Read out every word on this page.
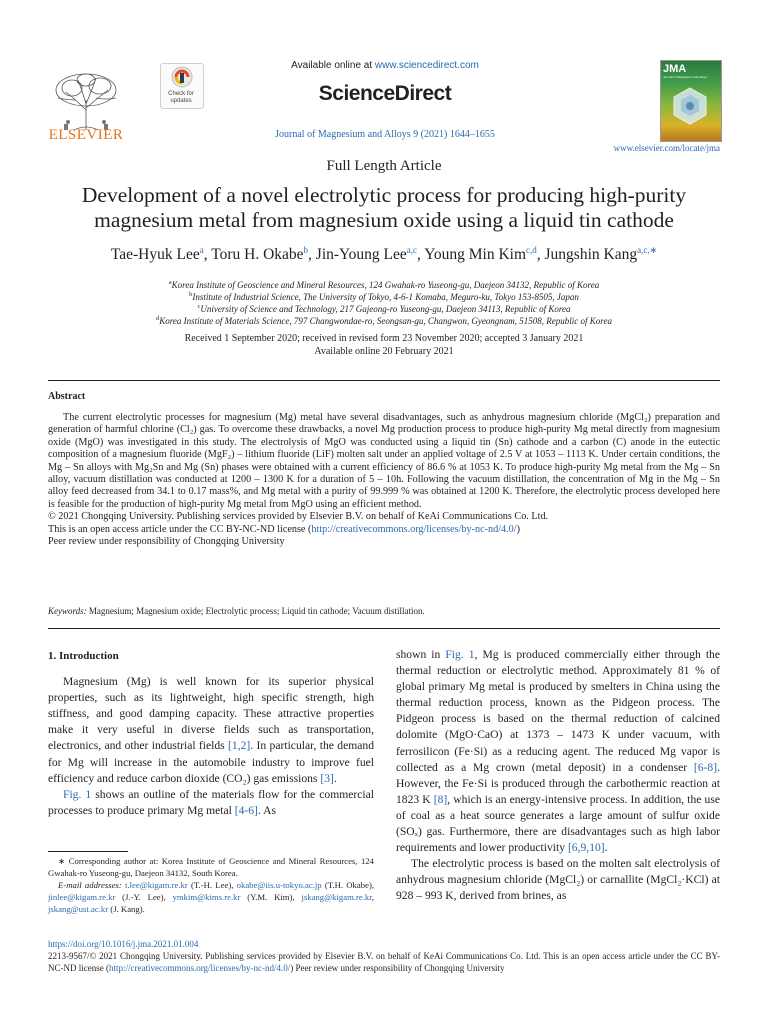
ELSEVIER
Check for updates
Available online at www.sciencedirect.com
ScienceDirect
Journal of Magnesium and Alloys 9 (2021) 1644–1655
JMA
Journal of Magnesium and Alloys
www.elsevier.com/locate/jma
Full Length Article
Development of a novel electrolytic process for producing high-purity
magnesium metal from magnesium oxide using a liquid tin cathode
Tae-Hyuk Lee$^a$, Toru H. Okabe$^b$, Jin-Young Lee$^{a,c}$, Young Min Kim$^{c,d}$, Jungshin Kang$^{a,c,∗}$
$^a$Korea Institute of Geoscience and Mineral Resources, 124 Gwahak-ro Yuseong-gu, Daejeon 34132, Republic of Korea
$^b$Institute of Industrial Science, The University of Tokyo, 4-6-1 Komaba, Meguro-ku, Tokyo 153-8505, Japan
$^c$University of Science and Technology, 217 Gajeong-ro Yuseong-gu, Daejeon 34113, Republic of Korea
$^d$Korea Institute of Materials Science, 797 Changwondae-ro, Seongsan-gu, Changwon, Gyeongnam, 51508, Republic of Korea
Received 1 September 2020; received in revised form 23 November 2020; accepted 3 January 2021
Available online 20 February 2021
Abstract

The current electrolytic processes for magnesium (Mg) metal have several disadvantages, such as anhydrous magnesium chloride (MgCl₂) preparation and generation of harmful chlorine (Cl₂) gas. To overcome these drawbacks, a novel Mg production process to produce high-purity Mg metal directly from magnesium oxide (MgO) was investigated in this study. The electrolysis of MgO was conducted using a liquid tin (Sn) cathode and a carbon (C) anode in the eutectic composition of a magnesium fluoride (MgF₂) – lithium fluoride (LiF) molten salt under an applied voltage of 2.5 V at 1053 – 1113 K. Under certain conditions, the Mg – Sn alloys with Mg₂Sn and Mg (Sn) phases were obtained with a current efficiency of 86.6 % at 1053 K. To produce high-purity Mg metal from the Mg – Sn alloy, vacuum distillation was conducted at 1200 – 1300 K for a duration of 5 – 10h. Following the vacuum distillation, the concentration of Mg in the Mg – Sn alloy feed decreased from 34.1 to 0.17 mass%, and Mg metal with a purity of 99.999 % was obtained at 1200 K. Therefore, the electrolytic process developed here is feasible for the production of high-purity Mg metal from MgO using an efficient method.

© 2021 Chongqing University. Publishing services provided by Elsevier B.V. on behalf of KeAi Communications Co. Ltd.

This is an open access article under the CC BY-NC-ND license (http://creativecommons.org/licenses/by-nc-nd/4.0/)

Peer review under responsibility of Chongqing University

Keywords: Magnesium; Magnesium oxide; Electrolytic process; Liquid tin cathode; Vacuum distillation.

1. Introduction

Magnesium (Mg) is well known for its superior physical properties, such as its lightweight, high specific strength, high stiffness, and good damping capacity. These attractive properties make it very useful in diverse fields such as transportation, electronics, and other industrial fields [1,2]. In particular, the demand for Mg will increase in the automobile industry to improve fuel efficiency and reduce carbon dioxide (CO₂) gas emissions [3].

Fig. 1 shows an outline of the materials flow for the commercial processes to produce primary Mg metal [4-6]. As

∗ Corresponding author at: Korea Institute of Geoscience and Mineral Resources, 124 Gwahak-ro Yuseong-gu, Daejeon 34132, South Korea.

E-mail addresses: t.lee@kigam.re.kr (T.-H. Lee), okabe@iis.u-tokyo.ac.jp (T.H. Okabe), jinlee@kigam.re.kr (J.-Y. Lee), ymkim@kims.re.kr (Y.M. Kim), jskang@kigam.re.kr, jskang@ust.ac.kr (J. Kang).

shown in Fig. 1, Mg is produced commercially either through the thermal reduction or electrolytic method. Approximately 81 % of global primary Mg metal is produced by smelters in China using the thermal reduction process, known as the Pidgeon process. The Pidgeon process is based on the thermal reduction of calcined dolomite (MgO·CaO) at 1373 – 1473 K under vacuum, with ferrosilicon (Fe·Si) as a reducing agent. The reduced Mg vapor is collected as a Mg crown (metal deposit) in a condenser [6-8]. However, the Fe·Si is produced through the carbothermic reaction at 1823 K [8], which is an energy-intensive process. In addition, the use of coal as a heat source generates a large amount of sulfur oxide (SOₓ) gas. Furthermore, there are disadvantages such as high labor requirements and lower productivity [6,9,10].

The electrolytic process is based on the molten salt electrolysis of anhydrous magnesium chloride (MgCl₂) or carnallite (MgCl₂·KCl) at 928 – 993 K, derived from brines, as

https://doi.org/10.1016/j.jma.2021.01.004

2213-9567/© 2021 Chongqing University. Publishing services provided by Elsevier B.V. on behalf of KeAi Communications Co. Ltd. This is an open access article under the CC BY-NC-ND license (http://creativecommons.org/licenses/by-nc-nd/4.0/) Peer review under responsibility of Chongqing University
